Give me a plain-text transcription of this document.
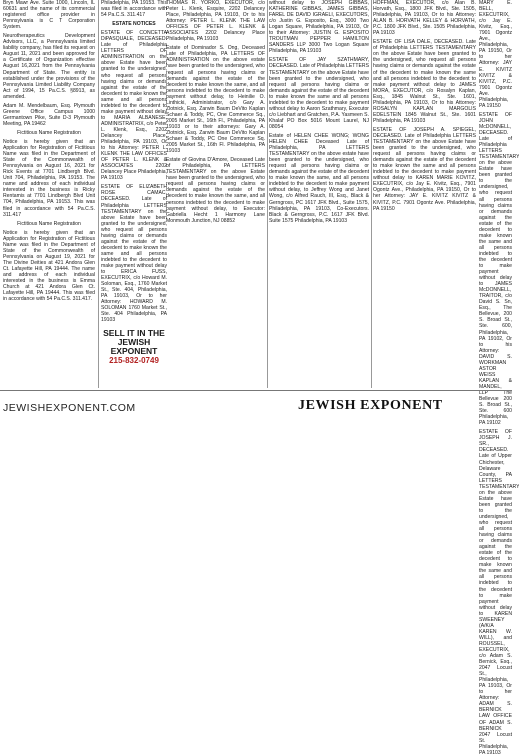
Bryn Mawr Ave. Suite 1000, Lincoln, IL 60631 and the name of its commercial registered office provider in Pennsylvania is C T Corporation System.

Neurotherapeutics Development Advisors, LLC, a Pennsylvania limited liability company, has filed its request on August 11, 2021 and been approved for a Certificate of Organization effective August 16,2021 from the Pennsylvania Department of State. The entity is established under the provisions of the Pennsylvania Limited Liability Company Act of 1994, 15 Pa.C.S. §8913, as amended.

Adam M. Mendelbaum, Esq. Plymouth Greene Office Campus 1000 Germantown Pike, Suite D-3 Plymouth Meeting, PA 19462

Fictitious Name Registration

Notice is hereby given that an Application for Registration of Fictitious Name was filed in the Department of State of the Commonwealth of Pennsylvania on August 16, 2021 for Rick Events at 7701 Lindbergh Blvd. Unit 704, Philadelphia, PA 19153. The name and address of each individual interested in the business is Ricky Rentamis at 7701 Lindbergh Blvd Unit 704, Philadelphia, PA 19153. This was filed in accordance with 54 Pa.C.S. 311.417

Fictitious Name Registration

Notice is hereby given that an Application for Registration of Fictitious Name was filed in the Department of State of the Commonwealth of Pennsylvania on August 19, 2021 for The Divine Deities at 421 Andora Glen Ct. Lafayette Hill, PA 19444. The name and address of each individual interested in the business is Emma Church at 421 Andora Glen Ct. Lafayette Hill, PA 19444. This was filed in accordance with 54 Pa.C.S. 311.417.

Philadelphia, PA 19153. This was filed in accordance with 54 Pa.C.S. 311.417

ESTATE NOTICES

ESTATE OF CONCETTA DiPASQUALE, DECEASED. Late of Philadelphia LETTERS OF ADMINISTRATION on the above Estate have been granted to the undersigned, who request all persons having claims or demands against the estate of the decedent to make known the same and all persons indebted to the decedent to make payment without delay to MARIA ALBANESE, ADMINISTRATRIX, c/o Peter L. Klenk, Esq., 2202 Delancey Place, Philadelphia, PA 19103, Or to his Attorney: PETER L. KLENK THE LAW OFFICES OF PETER L. KLENK & ASSOCIATES 2202 Delancey Place Philadelphia, PA 19103

ESTATE OF ELIZABETH ROSE CAMAC, DECEASED. Late of Philadelphia LETTERS TESTAMENTARY on the above Estate have been granted to the undersigned, who request all persons having claims or demands against the estate of the decedent to make known the same and all persons indebted to the decedent to make payment without delay to ERICA FUSS, EXECUTRIX, c/o Howard M. Soloman, Esq., 1760 Market St., Ste. 404, Philadelphia, PA 19103, Or to her Attorney: HOWARD M. SOLOMAN 1760 Market St., Ste. 404 Philadelphia, PA 19103

SELL IT IN THE
JEWISH EXPONENT
215-832-0749

THOMAS R. YORKO, EXECUTOR, c/o Peter L. Klenk, Esquire, 2202 Delancey Place, Philadelphia, PA 19103, Or to his Attorney: PETER L. KLENK THE LAW OFFICES OF PETER L. KLENK & ASSOCIATES 2202 Delancey Place Philadelphia, PA 19103

Estate of Dominador S. Ong, Deceased Late of Philadelphia, PA LETTERS OF ADMINISTRATION on the above estate have been granted to the undersigned, who request all persons having claims or demands against the estate of the decedent to make known the same, and all persons indebted to the decedent to make payment without delay, to Heinilie O. Linthicki, Administrator, c/o Gary A. Zlotnick, Esq. Zarwin Baum DeVito Kaplan Schaer & Toddy, PC, One Commerce Sq., 2005 Market St., 16th Fl., Philadelphia, PA 19103 or to their attorneys: Gary A. Zlotnick, Esq. Zarwin Baum DeVito Kaplan Schaer & Toddy, PC One Commerce Sq. 2005 Market St., 16th Fl. Philadelphia, PA 19103

Estate of Giovina D'Amore, Deceased Late of Philadelphia, PA LETTERS TESTAMENTARY on the above Estate have been granted to the undersigned, who request all persons having claims or demands against the estate of the decedent to make known the same, and all persons indebted to the decedent to make payment without delay, to Executor: Gabriella Hecht 1 Harmony Lane Monmouth Junction, NJ 08852

without delay to JOSEPH GIBBAS, KATHERINE GIBBAS, JAMES GIBBAS, FAREL DE DAVID IGRAELI, EXECUTORS, c/o Justin G. Esposito, Esq., 3000 Two Logan Square, Philadelphia, PA 19103, Or to their Attorney: JUSTIN G. ESPOSITO TROUTMAN PEPPER HAMILTON SANDERS LLP 3000 Two Logan Square Philadelphia, PA 19103

ESTATE OF JAY SZATHMARY, DECEASED. Late of Philadelphia LETTERS TESTAMENTARY on the above Estate have been granted to the undersigned, who request all persons having claims or demands against the estate of the decedent to make known the same and all persons indebted to the decedent to make payment without delay to Aaron Szathmary, Executor c/o Liebhart and Gratchen, P.A. Yasmeen S. Khalaf PO Box 5016 Mount Laurel, NJ 08054

Estate of HELEN CHEE WONG; WONG HELEN CHEE Deceased Late of Philadelphia, PA LETTERS TESTAMENTARY on the above estate have been granted to the undersigned, who request all persons having claims or demands against the estate of the decedent to make known the same, and all persons indebted to the decedent to make payment without delay, to Jeffrey Wong and Janet Wong, c/o Alfred Rauch, III, Esq., Black & Gerngross, PC 1617 JFK Blvd., Suite 1575, Philadelphia, PA 19103, Co-Executors. Black & Gerngross, P.C. 1617 JFK Blvd. Suite 1575 Philadelphia, PA 19103

HOFFMAN, EXECUTOR, c/o Alan B. Horvath, Esq., 1800 JFK Blvd., Ste. 1505, Philadelphia, PA 19103, Or to his Attorney: ALAN B. HORVATH KELLEY & HORVATH, P.C. 1800 JFK Blvd., Ste. 1505 Philadelphia, PA 19103

ESTATE OF LISA DALE, DECEASED. Late of Philadelphia LETTERS TESTAMENTARY on the above Estate have been granted to the undersigned, who request all persons having claims or demands against the estate of the decedent to make known the same and all persons indebted to the decedent to make payment without delay to JAMES MORA, EXECUTOR, c/o Rosalyn Kaplan, Esq., 1845 Walnut St., Ste. 1601, Philadelphia, PA 19103, Or to his Attorney: ROSALYN KAPLAN MARGOLIS EDELSTEIN 1845 Walnut St., Ste. 1601 Philadelphia, PA 19103

ESTATE OF JOSEPH A. SPIEGEL, DECEASED. Late of Philadelphia LETTERS TESTAMENTARY on the above Estate have been granted to the undersigned, who request all persons having claims or demands against the estate of the decedent to make known the same and all persons indebted to the decedent to make payment without delay to KAREN MARIE KOVITZ, EXECUTRIX, c/o Jay E. Kivitz, Esq., 7901 Ogontz Ave., Philadelphia, PA 19150, Or to her Attorney: JAY E. KIVITZ KIVITZ & KIVITZ, P.C. 7901 Ogontz Ave. Philadelphia, PA 19150

MARY E. BELL, EXECUTRIX, c/o Jay E. Kivitz, Esq., 7901 Ogontz Ave., Philadelphia, PA 19150, Or to her Attorney: JAY E. KIVITZ KIVITZ & KIVITZ, P.C. 7901 Ogontz Ave. Philadelphia, PA 19150

ESTATE OF JOHN McDONNELL, DECEASED. Late of Philadelphia LETTERS TESTAMENTARY on the above Estate have been granted to the undersigned, who request all persons having claims or demands against the estate of the decedent to make known the same and all persons indebted to the decedent to make payment without delay to JAMES McDONNELL, TRAITOR, c/o David S. Sn, Esq., The Bellevue, 200 S. Broad St., Ste. 600, Philadelphia, PA 19102, Or to his Attorney: DAVID S. WORKMAN ASTOR WEISS KAPLAN & MANDEL, LLP The Bellevue 200 S. Broad St., Ste. 600 Philadelphia, PA 19102

ESTATE OF JOSEPH J. SR., DECEASED. Late of Upper Chichester, Delaware County, PA LETTERS TESTAMENTARY on the above Estate have been granted to the undersigned, who request all persons having claims or demands against the estate of the decedent to make known the same and all persons indebted to the decedent to make payment without delay to KAREN SWEENEY (A/K/A KAREN W. WILL), and ROUSSEL, EXECUTRIX, c/o Adam S. Bernick, Esq., 2047 Locust St., Philadelphia, PA 19103, Or to her Attorney: ADAM S. BERNICK LAW OFFICE OF ADAM S. BERNICK 2047 Locust St. Philadelphia, PA 19103

JEWISHEXPONENT.COM	JEWISH EXPONENT
